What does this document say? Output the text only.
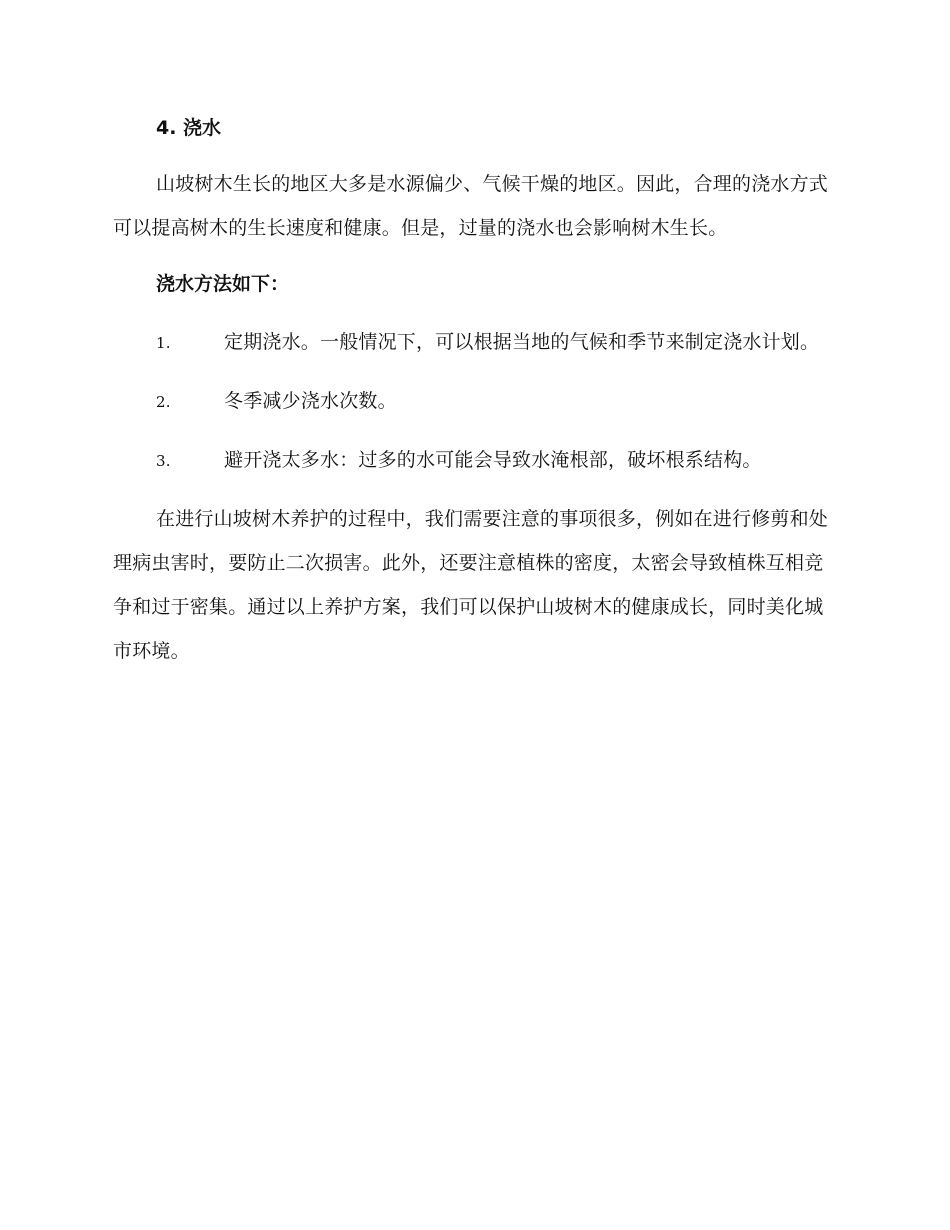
4. 浇水

山坡树木生长的地区大多是水源偏少、气候干燥的地区。因此，合理的浇水方式可以提高树木的生长速度和健康。但是，过量的浇水也会影响树木生长。

浇水方法如下：

1.	定期浇水。一般情况下，可以根据当地的气候和季节来制定浇水计划。

2.	冬季减少浇水次数。

3.	避开浇太多水：过多的水可能会导致水淹根部，破坏根系结构。

在进行山坡树木养护的过程中，我们需要注意的事项很多，例如在进行修剪和处理病虫害时，要防止二次损害。此外，还要注意植株的密度，太密会导致植株互相竞争和过于密集。通过以上养护方案，我们可以保护山坡树木的健康成长，同时美化城市环境。
